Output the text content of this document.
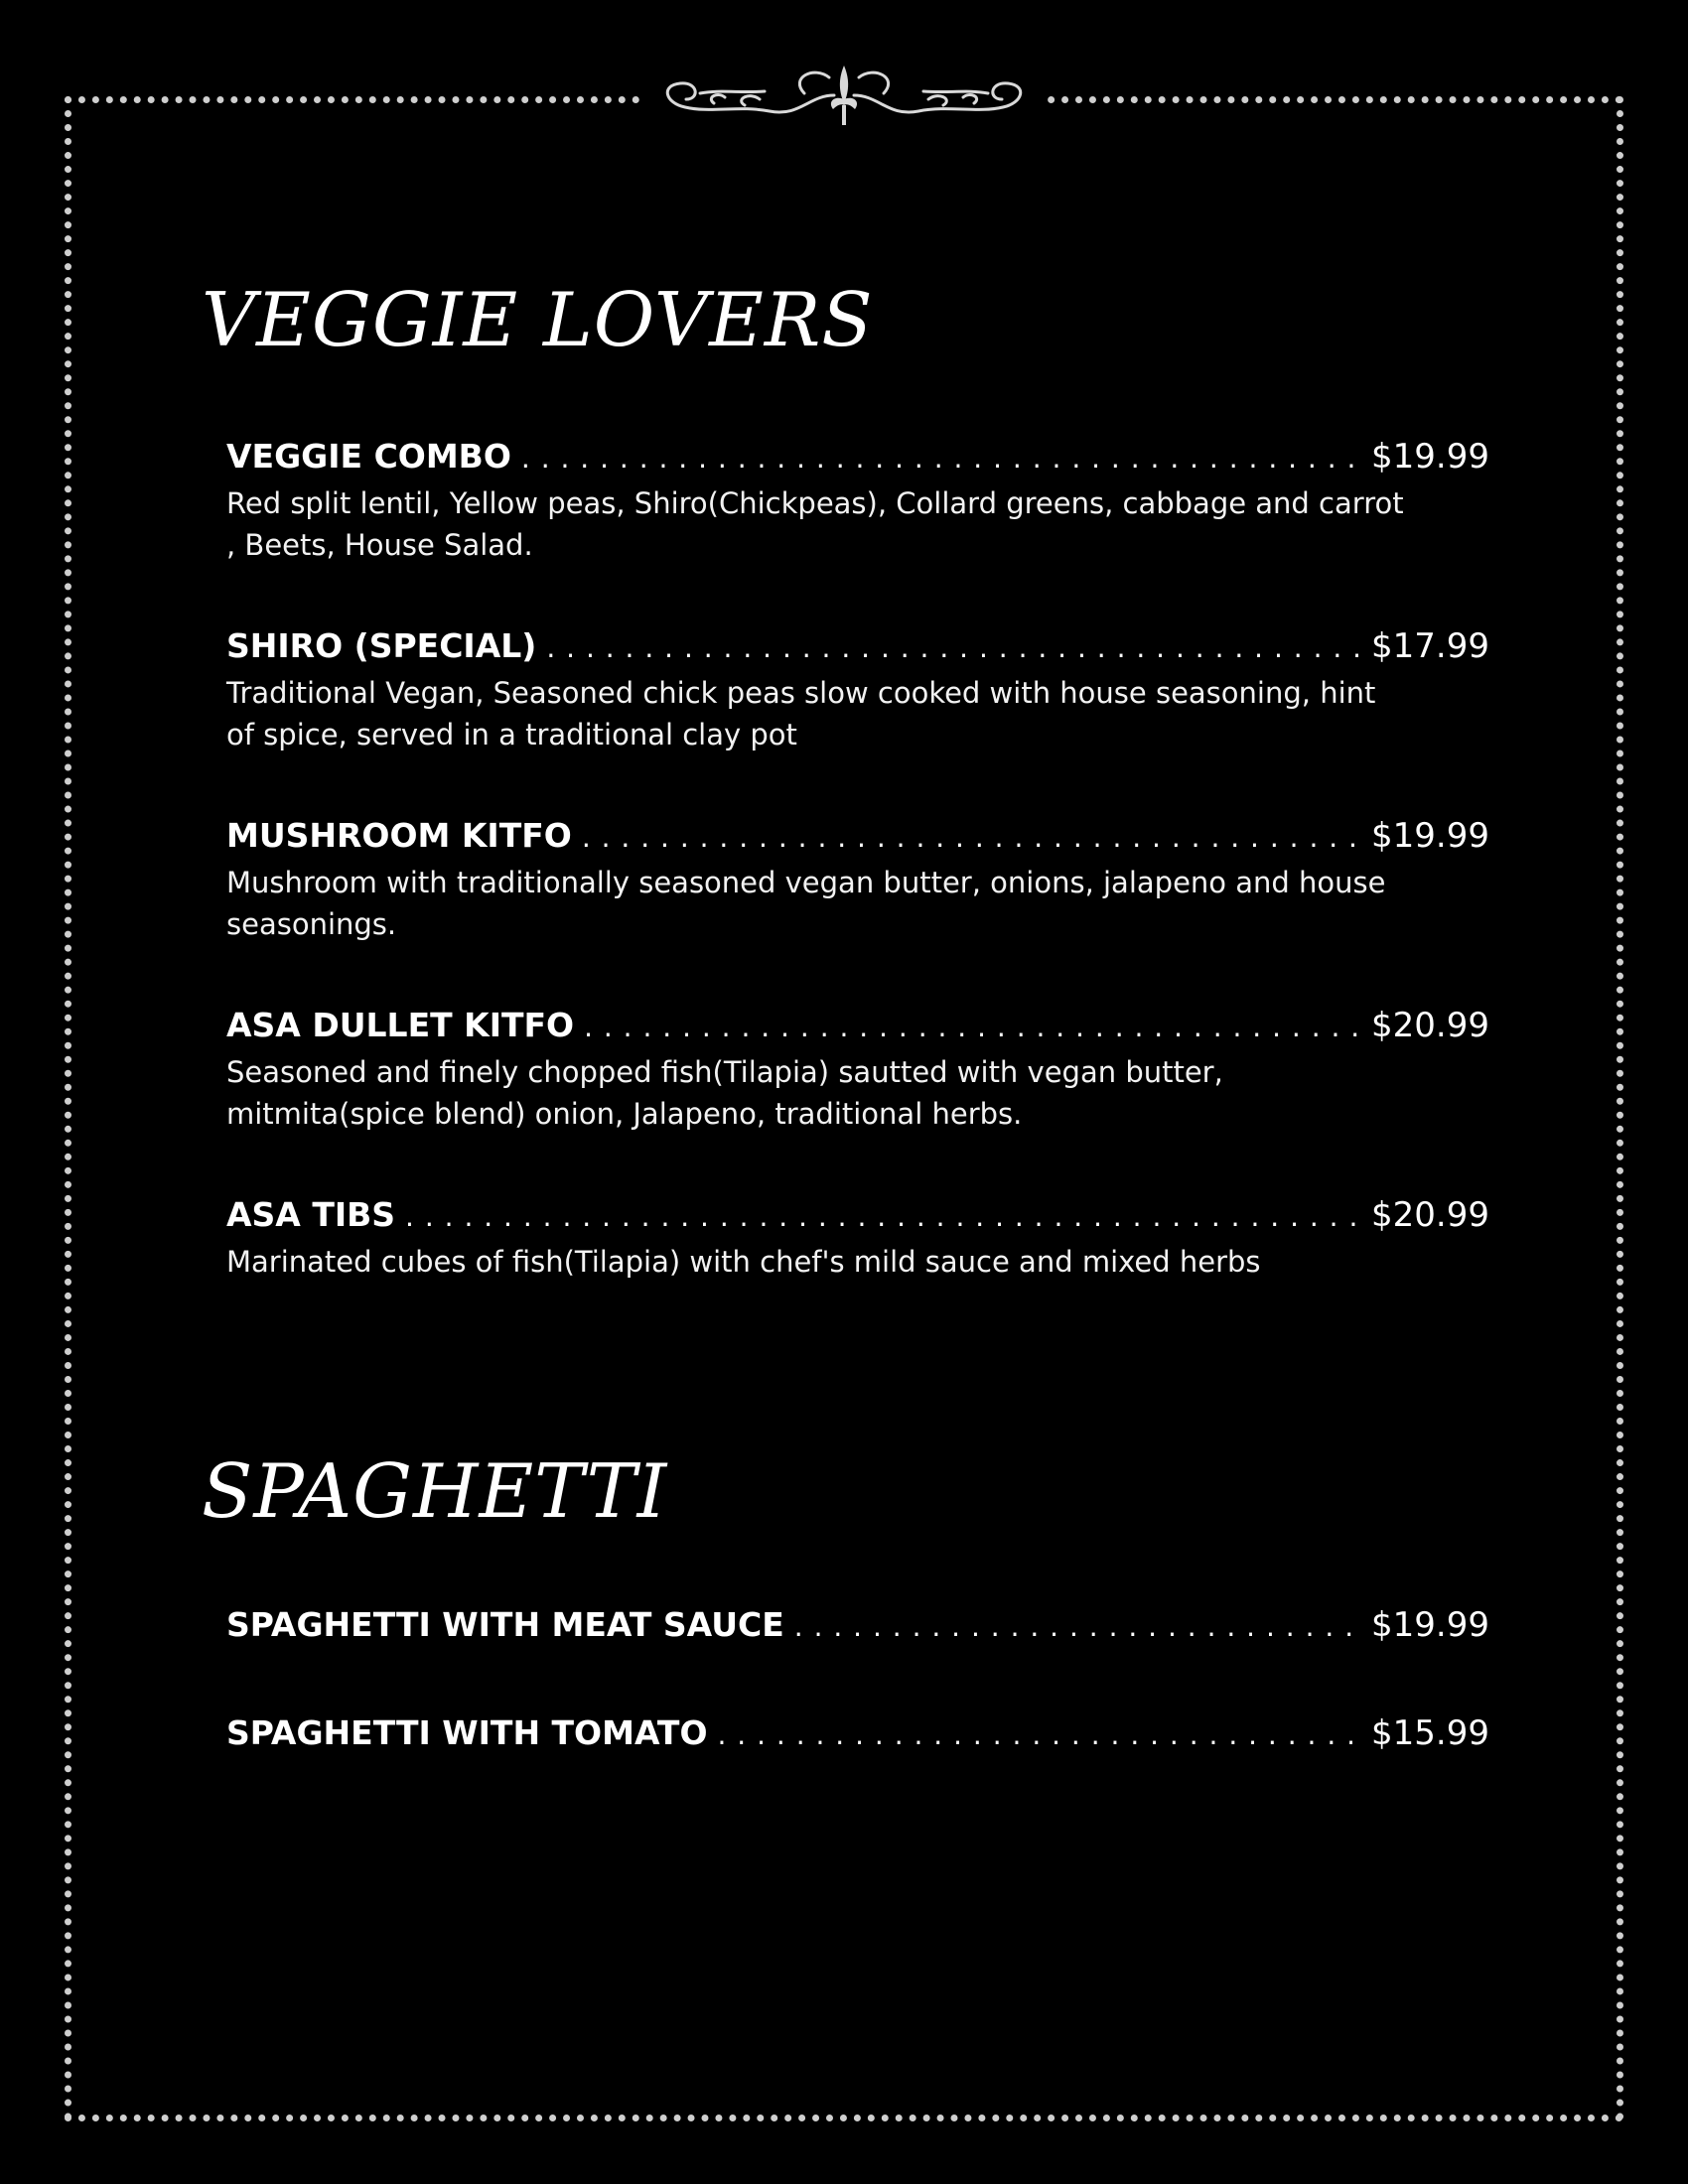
VEGGIE LOVERS
VEGGIE COMBO . . .	$19.99
Red split lentil, Yellow peas, Shiro(Chickpeas), Collard greens, cabbage and carrot , Beets, House Salad.
SHIRO (SPECIAL) . . .	$17.99
Traditional Vegan, Seasoned chick peas slow cooked with house seasoning, hint of spice, served in a traditional clay pot
MUSHROOM KITFO . . .	$19.99
Mushroom with traditionally seasoned vegan butter, onions, jalapeno and house seasonings.
ASA DULLET KITFO . . .	$20.99
Seasoned and finely chopped fish(Tilapia) sautted with vegan butter, mitmita(spice blend) onion, Jalapeno, traditional herbs.
ASA TIBS . . .	$20.99
Marinated cubes of fish(Tilapia) with chef's mild sauce and mixed herbs
SPAGHETTI
SPAGHETTI WITH MEAT SAUCE . . .	$19.99
SPAGHETTI WITH TOMATO . . .	$15.99
